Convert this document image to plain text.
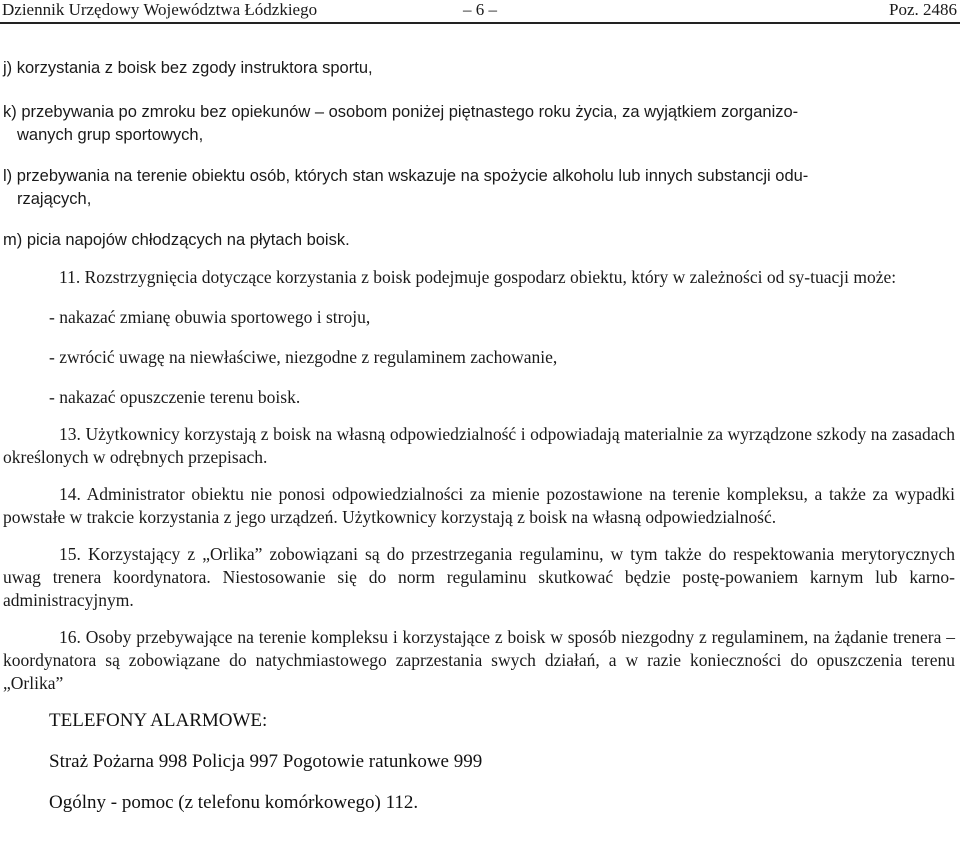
Dziennik Urzędowy Województwa Łódzkiego	– 6 –	Poz. 2486
j) korzystania z boisk bez zgody instruktora sportu,
k) przebywania po zmroku bez opiekunów – osobom poniżej piętnastego roku życia, za wyjątkiem zorganizo-
wanych grup sportowych,
l) przebywania na terenie obiektu osób, których stan wskazuje na spożycie alkoholu lub innych substancji odu-
rzających,
m) picia napojów chłodzących na płytach boisk.
11. Rozstrzygnięcia dotyczące korzystania z boisk podejmuje gospodarz obiektu, który w zależności od sy-tuacji może:
- nakazać zmianę obuwia sportowego i stroju,
- zwrócić uwagę na niewłaściwe, niezgodne z regulaminem zachowanie,
- nakazać opuszczenie terenu boisk.
13. Użytkownicy korzystają z boisk na własną odpowiedzialność i odpowiadają materialnie za wyrządzone szkody na zasadach określonych w odrębnych przepisach.
14. Administrator obiektu nie ponosi odpowiedzialności za mienie pozostawione na terenie kompleksu, a także za wypadki powstałe w trakcie korzystania z jego urządzeń. Użytkownicy korzystają z boisk na własną odpowiedzialność.
15. Korzystający z „Orlika” zobowiązani są do przestrzegania regulaminu, w tym także do respektowania merytorycznych uwag trenera koordynatora. Niestosowanie się do norm regulaminu skutkować będzie postę-powaniem karnym lub karno-administracyjnym.
16. Osoby przebywające na terenie kompleksu i korzystające z boisk w sposób niezgodny z regulaminem, na żądanie trenera – koordynatora są zobowiązane do natychmiastowego zaprzestania swych działań, a w razie konieczności do opuszczenia terenu „Orlika”
TELEFONY ALARMOWE:
Straż Pożarna 998 Policja 997 Pogotowie ratunkowe 999
Ogólny - pomoc (z telefonu komórkowego) 112.
